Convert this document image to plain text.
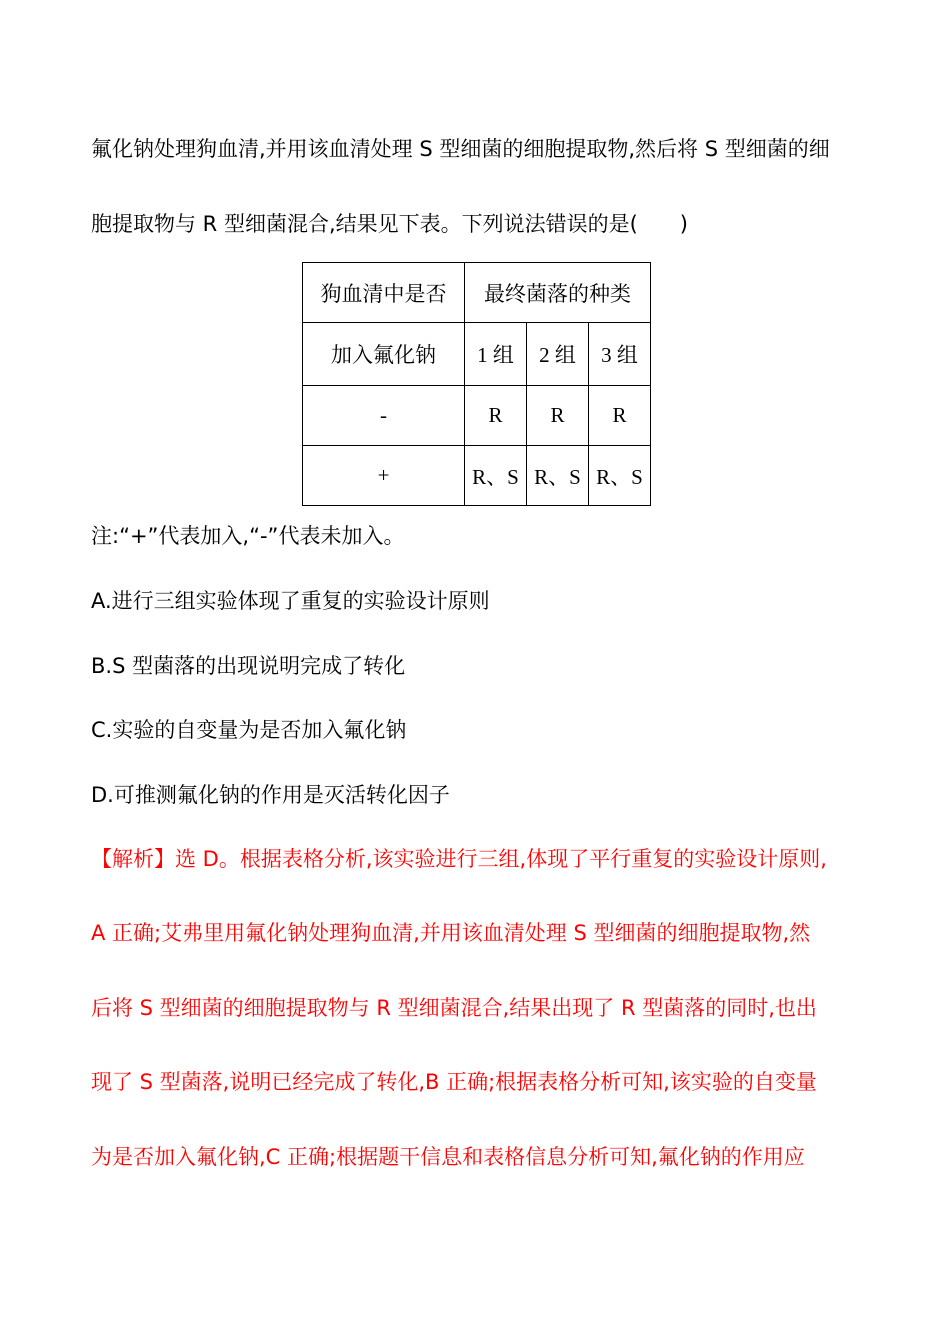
氟化钠处理狗血清,并用该血清处理 S 型细菌的细胞提取物,然后将 S 型细菌的细
胞提取物与 R 型细菌混合,结果见下表。下列说法错误的是(　　)
狗血清中是否	最终菌落的种类		
加入氟化钠	1 组	2 组	3 组
-	R	R	R
+	R、S	R、S	R、S
注:“+”代表加入,“-”代表未加入。
A.进行三组实验体现了重复的实验设计原则
B.S 型菌落的出现说明完成了转化
C.实验的自变量为是否加入氟化钠
D.可推测氟化钠的作用是灭活转化因子
【解析】选 D。根据表格分析,该实验进行三组,体现了平行重复的实验设计原则,
A 正确;艾弗里用氟化钠处理狗血清,并用该血清处理 S 型细菌的细胞提取物,然
后将 S 型细菌的细胞提取物与 R 型细菌混合,结果出现了 R 型菌落的同时,也出
现了 S 型菌落,说明已经完成了转化,B 正确;根据表格分析可知,该实验的自变量
为是否加入氟化钠,C 正确;根据题干信息和表格信息分析可知,氟化钠的作用应
